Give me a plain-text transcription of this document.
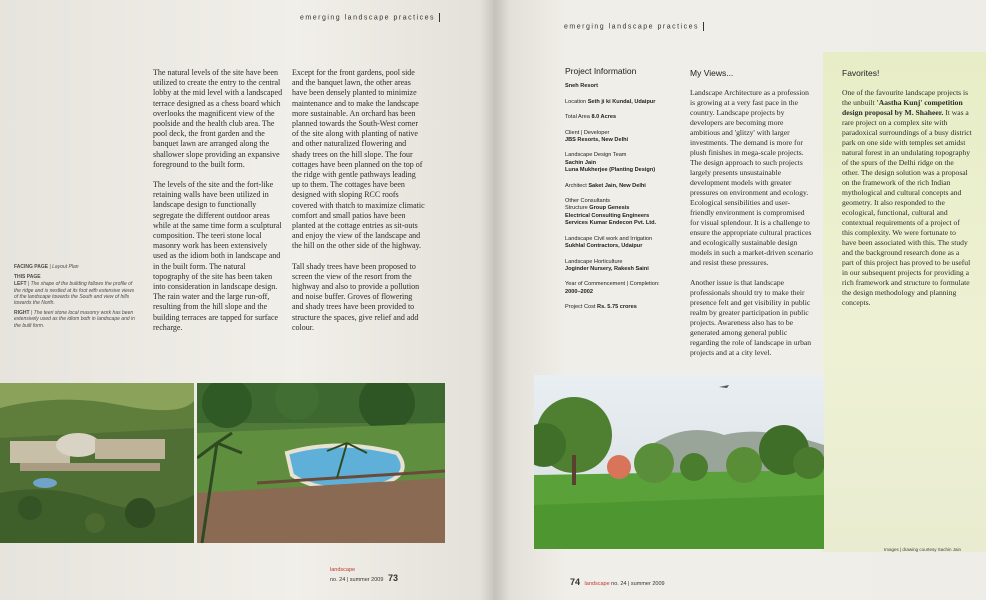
emerging landscape practices
emerging landscape practices

The natural levels of the site have been utilized to create the entry to the central lobby at the mid level with a landscaped terrace designed as a chess board which overlooks the magnificent view of the poolside and the health club area. The pool deck, the front garden and the banquet lawn are arranged along the shallower slope providing an expansive foreground to the built form.

The levels of the site and the fort-like retaining walls have been utilized in landscape design to functionally segregate the different outdoor areas while at the same time form a sculptural composition. The teeri stone local masonry work has been extensively used as the idiom both in landscape and in the built form. The natural topography of the site has been taken into consideration in landscape design. The rain water and the large run-off, resulting from the hill slope and the building terraces are tapped for surface recharge.

Except for the front gardens, pool side and the banquet lawn, the other areas have been densely planted to minimize maintenance and to make the landscape more sustainable. An orchard has been planned towards the South-West corner of the site along with planting of native and other naturalized flowering and shady trees on the hill slope. The four cottages have been planned on the top of the ridge with gentle pathways leading up to them. The cottages have been designed with sloping RCC roofs covered with thatch to maximize climatic comfort and small patios have been planted at the cottage entries as sit-outs and enjoy the view of the landscape and the hill on the other side of the highway.

Tall shady trees have been proposed to screen the view of the resort from the highway and also to provide a pollution and noise buffer. Groves of flowering and shady trees have been provided to structure the spaces, give relief and add colour.

FACING PAGE | Layout Plan

THIS PAGE

LEFT | The shape of the building follows the profile of the ridge and is nestled at its foot with extensive views of the landscape towards the South and view of hills towards the North.

RIGHT | The teeri stone local masonry work has been extensively used as the idiom both in landscape and in the built form.

landscape
no. 24 | summer 2009 73
Project Information
Sneh Resort
Location Seth ji ki Kundal, Udaipur
Total Area 8.0 Acres
Client | Developer
JBS Resorts, New Delhi
Landscape Design Team
Sachin Jain
Luna Mukherjee (Planting Design)
Architect Saket Jain, New Delhi
Other Consultants
Structure Group Genesis
Electrical Consulting Engineers
Services Kumar Endecon Pvt. Ltd.
Landscape Civil work and Irrigation
Sukhlal Contractors, Udaipur
Landscape Horticulture
Joginder Nursery, Rakesh Saini
Year of Commencement | Completion:
2000–2002
Project Cost Rs. 5.75 crores
My Views...

Landscape Architecture as a profession is growing at a very fast pace in the country. Landscape projects by developers are becoming more ambitious and 'glitzy' with larger investments. The demand is more for plush finishes in mega-scale projects. The design approach to such projects largely presents unsustainable development models with greater pressures on environment and ecology. Ecological sensibilities and user-friendly environment is compromised for visual splendour. It is a challenge to ensure the appropriate cultural practices and ecologically sustainable design models in such a market-driven scenario and resist these pressures.

Another issue is that landscape professionals should try to make their presence felt and get visibility in public realm by greater participation in public projects. Awareness also has to be generated among general public regarding the role of landscape in urban projects and at a city level.

Favorites!
One of the favourite landscape projects is the unbuilt 'Aastha Kunj' competition design proposal by M. Shaheer. It was a rare project on a complex site with paradoxical surroundings of a busy district park on one side with temples set amidst natural forest in an undulating topography of the spurs of the Delhi ridge on the other. The design solution was a proposal on the framework of the rich Indian mythological and cultural concepts and geometry. It also responded to the ecological, functional, cultural and contextual requirements of a project of this complexity. We were fortunate to have been associated with this. The study and the background research done as a part of this project has proved to be useful in our subsequent projects for providing a rich framework and structure to formulate the design methodology and planning concepts.
Images | drawing courtesy Sachin Jain
74 landscape no. 24 | summer 2009
